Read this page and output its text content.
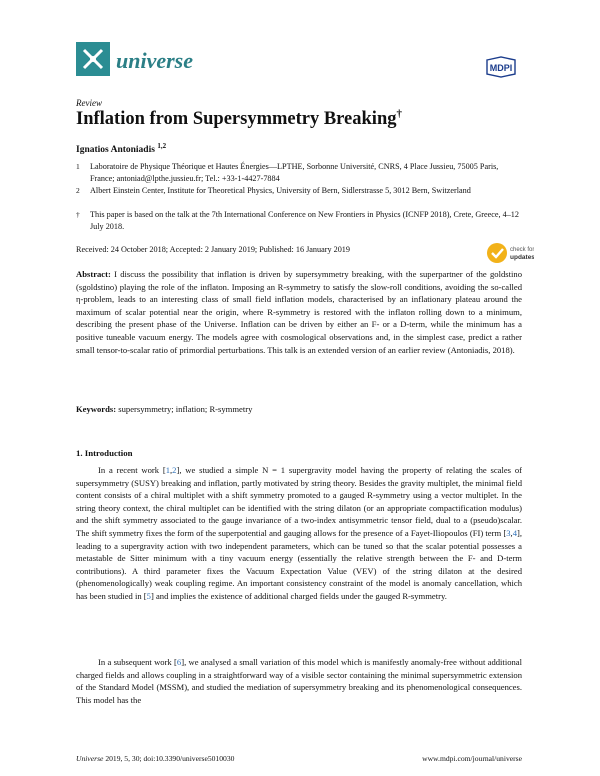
universe	MDPI
Review
Inflation from Supersymmetry Breaking†
Ignatios Antoniadis $^{1,2}$
1 Laboratoire de Physique Théorique et Hautes Énergies—LPTHE, Sorbonne Université, CNRS, 4 Place Jussieu, 75005 Paris, France; antoniad@lpthe.jussieu.fr; Tel.: +33-1-4427-7884
2 Albert Einstein Center, Institute for Theoretical Physics, University of Bern, Sidlerstrasse 5, 3012 Bern, Switzerland
† This paper is based on the talk at the 7th International Conference on New Frontiers in Physics (ICNFP 2018), Crete, Greece, 4–12 July 2018.
Received: 24 October 2018; Accepted: 2 January 2019; Published: 16 January 2019	check for
updates
Abstract: I discuss the possibility that inflation is driven by supersymmetry breaking, with the superpartner of the goldstino (sgoldstino) playing the role of the inflaton. Imposing an R-symmetry to satisfy the slow-roll conditions, avoiding the so-called η-problem, leads to an interesting class of small field inflation models, characterised by an inflationary plateau around the maximum of scalar potential near the origin, where R-symmetry is restored with the inflaton rolling down to a minimum, describing the present phase of the Universe. Inflation can be driven by either an F- or a D-term, while the minimum has a positive tuneable vacuum energy. The models agree with cosmological observations and, in the simplest case, predict a rather small tensor-to-scalar ratio of primordial perturbations. This talk is an extended version of an earlier review (Antoniadis, 2018).
Keywords: supersymmetry; inflation; R-symmetry
1. Introduction
In a recent work [1,2], we studied a simple N = 1 supergravity model having the property of relating the scales of supersymmetry (SUSY) breaking and inflation, partly motivated by string theory. Besides the gravity multiplet, the minimal field content consists of a chiral multiplet with a shift symmetry promoted to a gauged R-symmetry using a vector multiplet. In the string theory context, the chiral multiplet can be identified with the string dilaton (or an appropriate compactification modulus) and the shift symmetry associated to the gauge invariance of a two-index antisymmetric tensor field, dual to a (pseudo)scalar. The shift symmetry fixes the form of the superpotential and gauging allows for the presence of a Fayet-Iliopoulos (FI) term [3,4], leading to a supergravity action with two independent parameters, which can be tuned so that the scalar potential possesses a metastable de Sitter minimum with a tiny vacuum energy (essentially the relative strength between the F- and D-term contributions). A third parameter fixes the Vacuum Expectation Value (VEV) of the string dilaton at the desired (phenomenologically) weak coupling regime. An important consistency constraint of the model is anomaly cancellation, which has been studied in [5] and implies the existence of additional charged fields under the gauged R-symmetry.
In a subsequent work [6], we analysed a small variation of this model which is manifestly anomaly-free without additional charged fields and allows coupling in a straightforward way of a visible sector containing the minimal supersymmetric extension of the Standard Model (MSSM), and studied the mediation of supersymmetry breaking and its phenomenological consequences. This model has the
Universe 2019, 5, 30; doi:10.3390/universe5010030	www.mdpi.com/journal/universe
